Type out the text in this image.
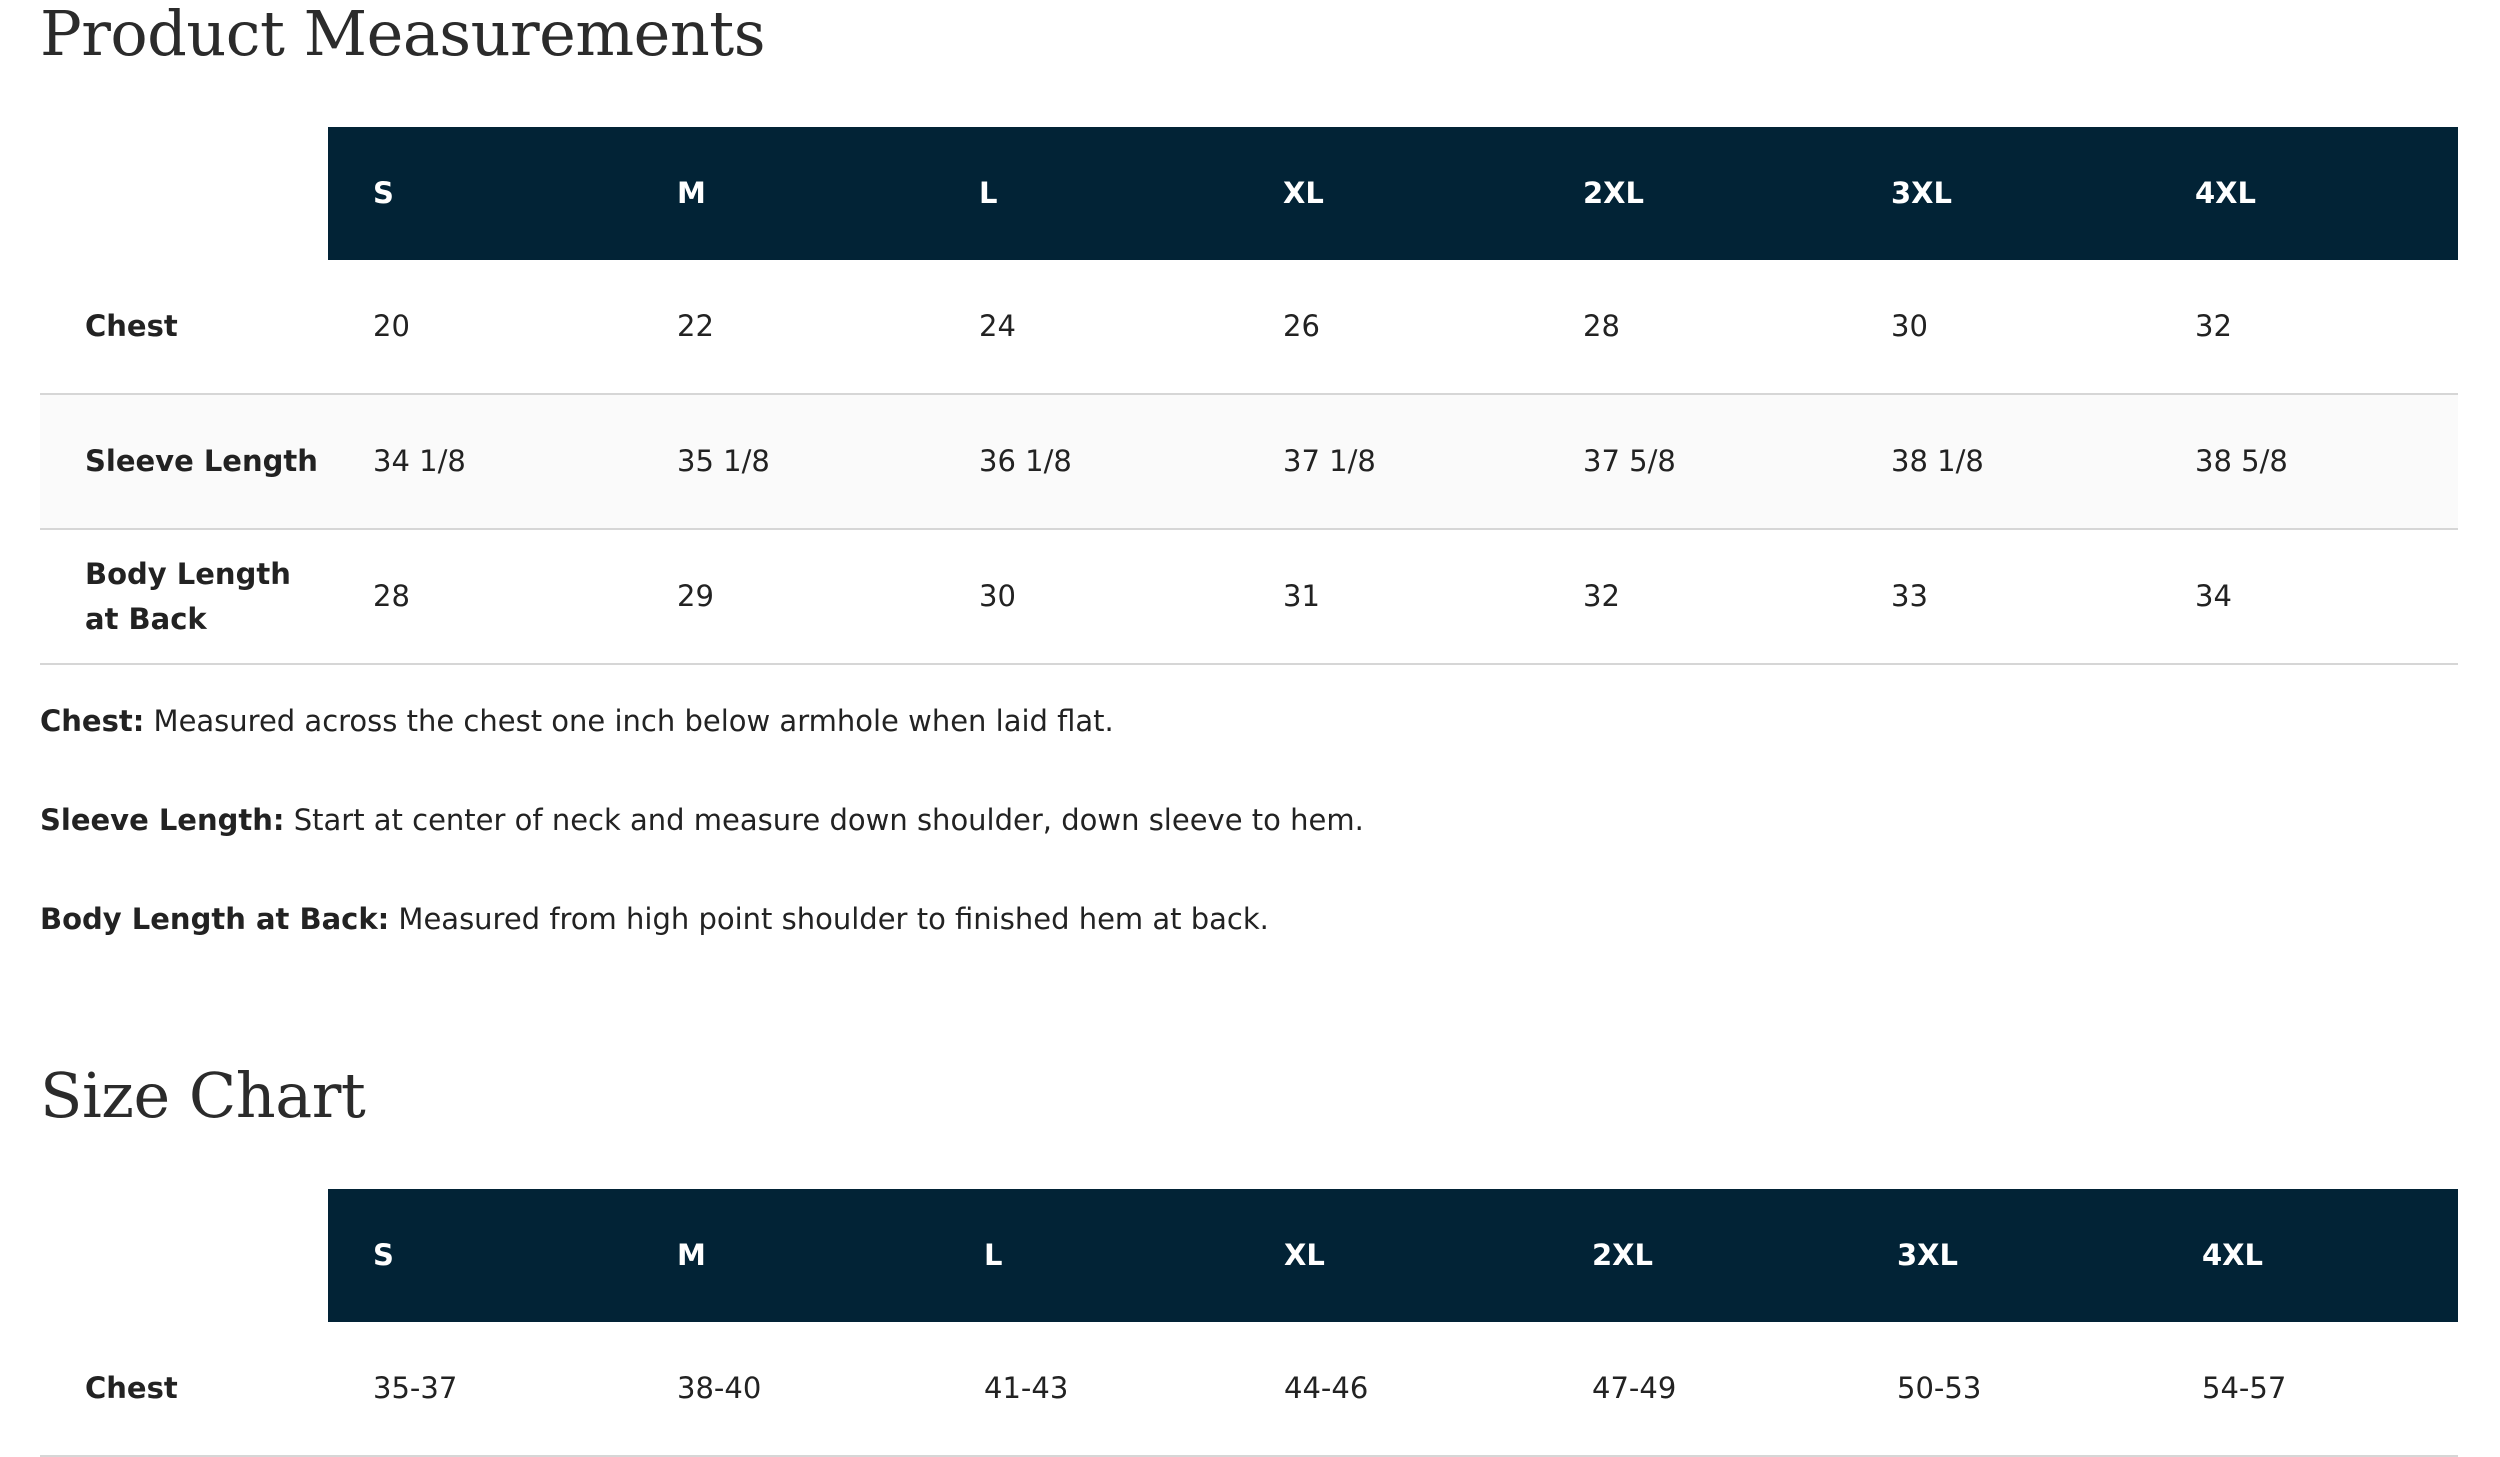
Product Measurements
	S	M	L	XL	2XL	3XL	4XL
Chest	20	22	24	26	28	30	32
Sleeve Length	34 1/8	35 1/8	36 1/8	37 1/8	37 5/8	38 1/8	38 5/8
Body Length at Back	28	29	30	31	32	33	34

Chest: Measured across the chest one inch below armhole when laid flat.

Sleeve Length: Start at center of neck and measure down shoulder, down sleeve to hem.

Body Length at Back: Measured from high point shoulder to finished hem at back.

Size Chart
	S	M	L	XL	2XL	3XL	4XL
Chest	35-37	38-40	41-43	44-46	47-49	50-53	54-57
